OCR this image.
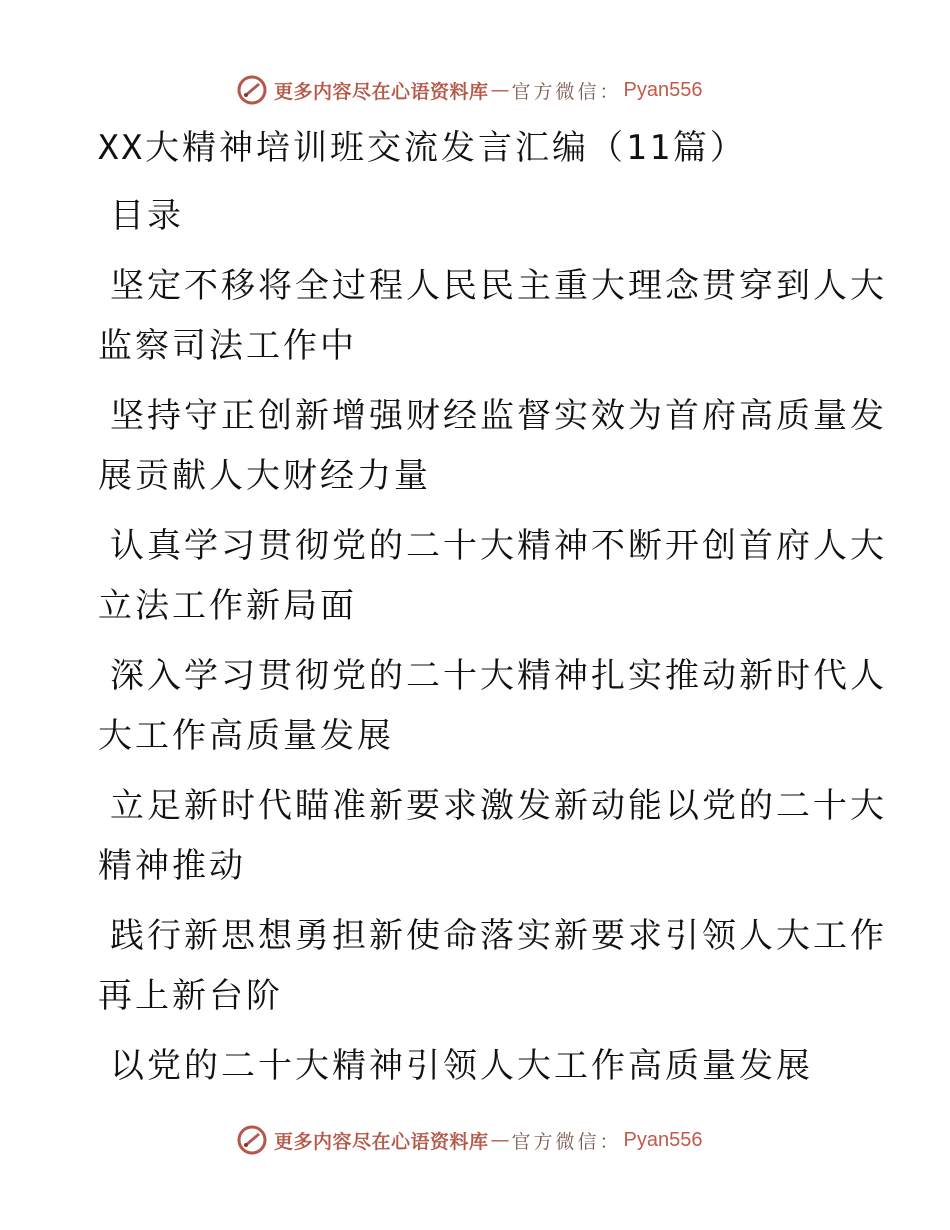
更多内容尽在心语资料库 — 官方微信： Pyan556

XX大精神培训班交流发言汇编（11篇）

目录

坚定不移将全过程人民民主重大理念贯穿到人大

监察司法工作中

坚持守正创新增强财经监督实效为首府高质量发

展贡献人大财经力量

认真学习贯彻党的二十大精神不断开创首府人大

立法工作新局面

深入学习贯彻党的二十大精神扎实推动新时代人

大工作高质量发展

立足新时代瞄准新要求激发新动能以党的二十大

精神推动

践行新思想勇担新使命落实新要求引领人大工作

再上新台阶

以党的二十大精神引领人大工作高质量发展

更多内容尽在心语资料库 — 官方微信： Pyan556
